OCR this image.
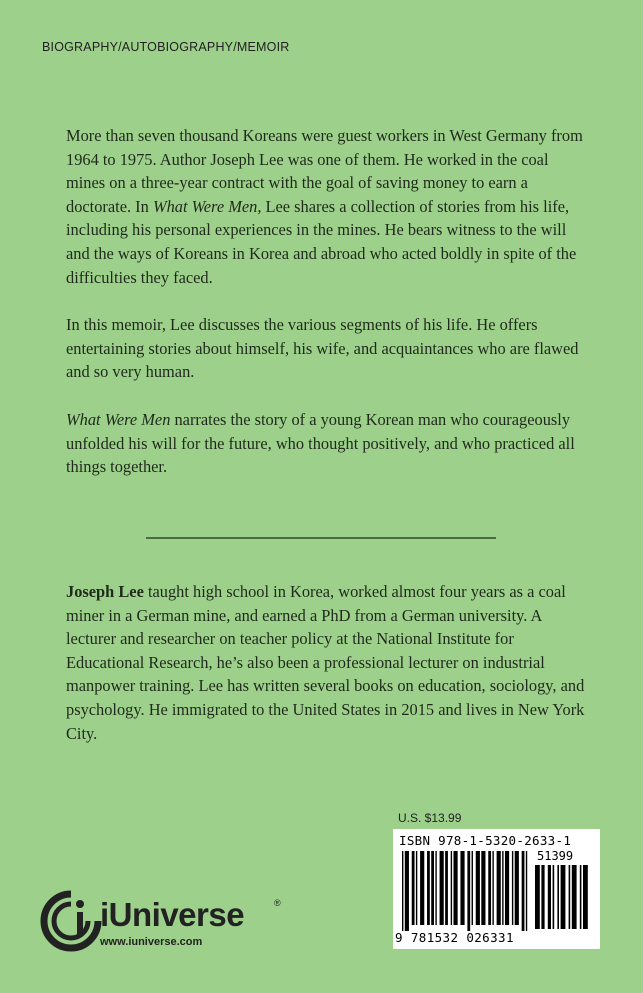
BIOGRAPHY/AUTOBIOGRAPHY/MEMOIR

More than seven thousand Koreans were guest workers in West Germany from 1964 to 1975. Author Joseph Lee was one of them. He worked in the coal mines on a three-year contract with the goal of saving money to earn a doctorate. In What Were Men, Lee shares a collection of stories from his life, including his personal experiences in the mines. He bears witness to the will and the ways of Koreans in Korea and abroad who acted boldly in spite of the difficulties they faced.

In this memoir, Lee discusses the various segments of his life. He offers entertaining stories about himself, his wife, and acquaintances who are flawed and so very human.

What Were Men narrates the story of a young Korean man who courageously unfolded his will for the future, who thought positively, and who practiced all things together.

Joseph Lee taught high school in Korea, worked almost four years as a coal miner in a German mine, and earned a PhD from a German university. A lecturer and researcher on teacher policy at the National Institute for Educational Research, he’s also been a professional lecturer on industrial manpower training. Lee has written several books on education, sociology, and psychology. He immigrated to the United States in 2015 and lives in New York City.

U.S. $13.99
ISBN 978-1-5320-2633-1
51399
9 781532 026331
iUniverse	®
www.iuniverse.com
